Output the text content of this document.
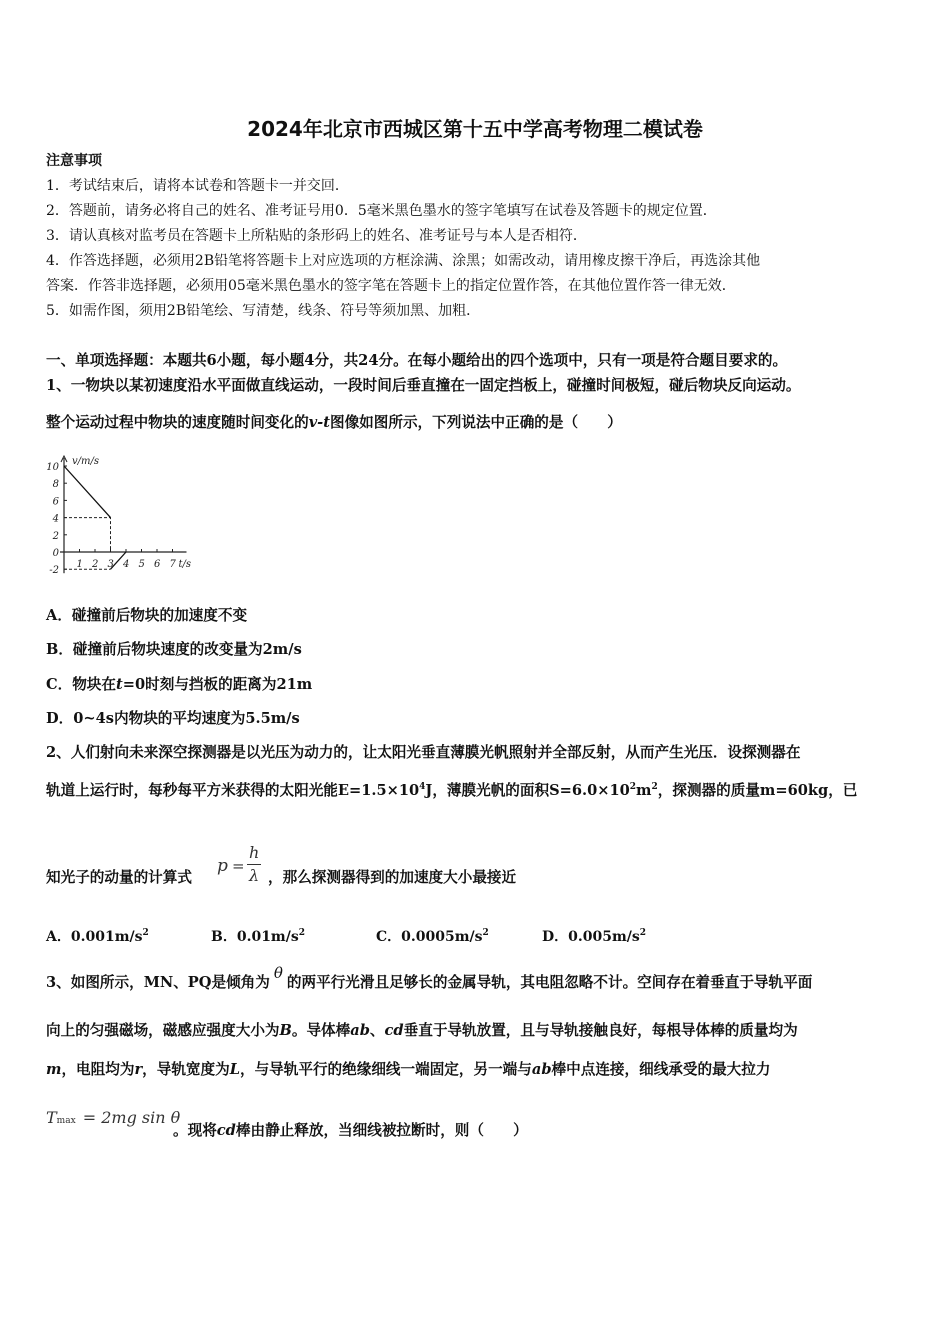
2024年北京市西城区第十五中学高考物理二模试卷
注意事项
1．考试结束后，请将本试卷和答题卡一并交回．
2．答题前，请务必将自己的姓名、准考证号用0．5毫米黑色墨水的签字笔填写在试卷及答题卡的规定位置．
3．请认真核对监考员在答题卡上所粘贴的条形码上的姓名、准考证号与本人是否相符．
4．作答选择题，必须用2B铅笔将答题卡上对应选项的方框涂满、涂黑；如需改动，请用橡皮擦干净后，再选涂其他
答案．作答非选择题，必须用05毫米黑色墨水的签字笔在答题卡上的指定位置作答，在其他位置作答一律无效．
5．如需作图，须用2B铅笔绘、写清楚，线条、符号等须加黑、加粗．
一、单项选择题：本题共6小题，每小题4分，共24分。在每小题给出的四个选项中，只有一项是符合题目要求的。
1、一物块以某初速度沿水平面做直线运动，一段时间后垂直撞在一固定挡板上，碰撞时间极短，碰后物块反向运动。
整个运动过程中物块的速度随时间变化的v-t图像如图所示，下列说法中正确的是（　　）
v/m/s
t/s
10
8
6
4
2
0
-2
1 2 3 4 5 6 7
A．碰撞前后物块的加速度不变
B．碰撞前后物块速度的改变量为2m/s
C．物块在t=0时刻与挡板的距离为21m
D．0~4s内物块的平均速度为5.5m/s
2、人们射向未来深空探测器是以光压为动力的，让太阳光垂直薄膜光帆照射并全部反射，从而产生光压．设探测器在
轨道上运行时，每秒每平方米获得的太阳光能$E=1.5\times 10^4J$，薄膜光帆的面积$S=6.0\times 10^2m^2$，探测器的质量m=60kg，已
知光子的动量的计算式
p =
h
λ ，那么探测器得到的加速度大小最接近
A．$0.001m/s^2$	B．$0.01m/s^2$	C．$0.0005m/s^2$	D．$0.005m/s^2$
3、如图所示，MN、PQ是倾角为θ的两平行光滑且足够长的金属导轨，其电阻忽略不计。空间存在着垂直于导轨平面
向上的匀强磁场，磁感应强度大小为B。导体棒ab、cd垂直于导轨放置，且与导轨接触良好，每根导体棒的质量均为
m，电阻均为r，导轨宽度为L，与导轨平行的绝缘细线一端固定，另一端与ab棒中点连接，细线承受的最大拉力
Tmax = 2mg sin θ
。现将cd棒由静止释放，当细线被拉断时，则（　　）
